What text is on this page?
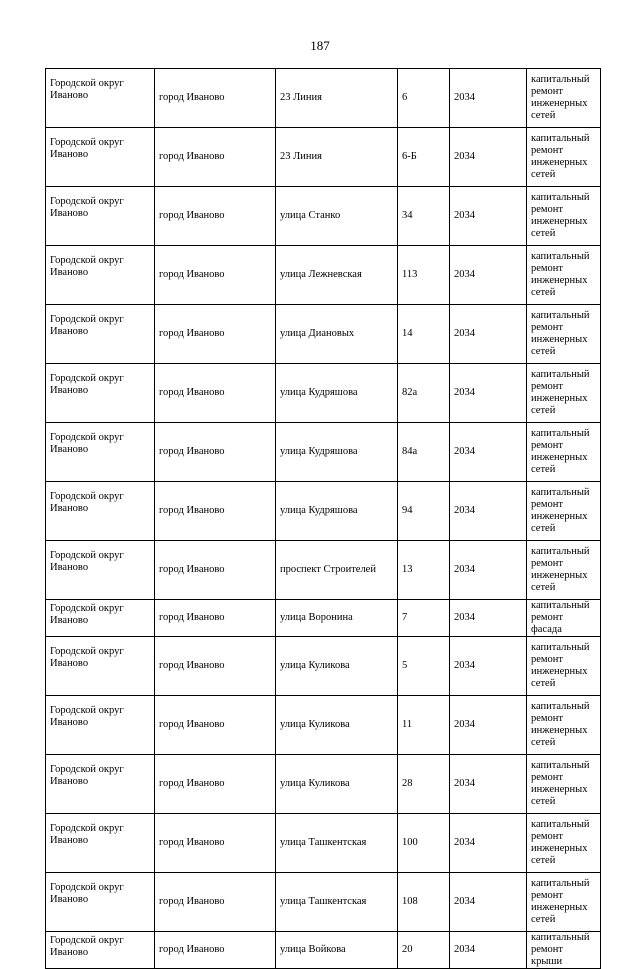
187
Городской округ Иваново	город Иваново	23 Линия	6	2034	капитальный ремонт инженерных сетей
Городской округ Иваново	город Иваново	23 Линия	6-Б	2034	капитальный ремонт инженерных сетей
Городской округ Иваново	город Иваново	улица Станко	34	2034	капитальный ремонт инженерных сетей
Городской округ Иваново	город Иваново	улица Лежневская	113	2034	капитальный ремонт инженерных сетей
Городской округ Иваново	город Иваново	улица Диановых	14	2034	капитальный ремонт инженерных сетей
Городской округ Иваново	город Иваново	улица Кудряшова	82а	2034	капитальный ремонт инженерных сетей
Городской округ Иваново	город Иваново	улица Кудряшова	84а	2034	капитальный ремонт инженерных сетей
Городской округ Иваново	город Иваново	улица Кудряшова	94	2034	капитальный ремонт инженерных сетей
Городской округ Иваново	город Иваново	проспект Строителей	13	2034	капитальный ремонт инженерных сетей
Городской округ Иваново	город Иваново	улица Воронина	7	2034	капитальный ремонт фасада
Городской округ Иваново	город Иваново	улица Куликова	5	2034	капитальный ремонт инженерных сетей
Городской округ Иваново	город Иваново	улица Куликова	11	2034	капитальный ремонт инженерных сетей
Городской округ Иваново	город Иваново	улица Куликова	28	2034	капитальный ремонт инженерных сетей
Городской округ Иваново	город Иваново	улица Ташкентская	100	2034	капитальный ремонт инженерных сетей
Городской округ Иваново	город Иваново	улица Ташкентская	108	2034	капитальный ремонт инженерных сетей
Городской округ Иваново	город Иваново	улица Войкова	20	2034	капитальный ремонт крыши
